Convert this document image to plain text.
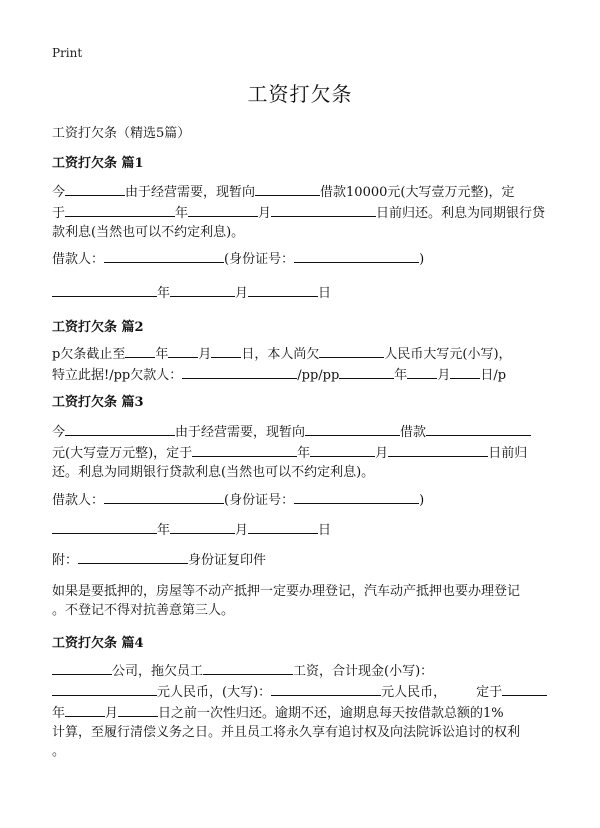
Print
工资打欠条
工资打欠条（精选5篇）
工资打欠条 篇1
今	由于经营需要，现暂向	借款10000元(大写壹万元整)，定
于	年	月	日前归还。利息为同期银行贷
款利息(当然也可以不约定利息)。
借款人：	(身份证号：	)
年	月	日
工资打欠条 篇2
p欠条截止至 年 月 日，本人尚欠	人民币大写元(小写)，
特立此据!/pp欠款人：	/pp/pp	年 月 日/p
工资打欠条 篇3
今	由于经营需要，现暂向	借款
元(大写壹万元整)，定于	年	月	日前归
还。利息为同期银行贷款利息(当然也可以不约定利息)。
借款人：	(身份证号：	)
年	月	日
附：	身份证复印件
如果是要抵押的，房屋等不动产抵押一定要办理登记，汽车动产抵押也要办理登记
。不登记不得对抗善意第三人。
工资打欠条 篇4
公司，拖欠员工	工资，合计现金(小写)：
元人民币，(大写)：	元人民币， 定于
年	月	日之前一次性归还。逾期不还，逾期息每天按借款总额的1%
计算，至履行清偿义务之日。并且员工将永久享有追讨权及向法院诉讼追讨的权利
。
